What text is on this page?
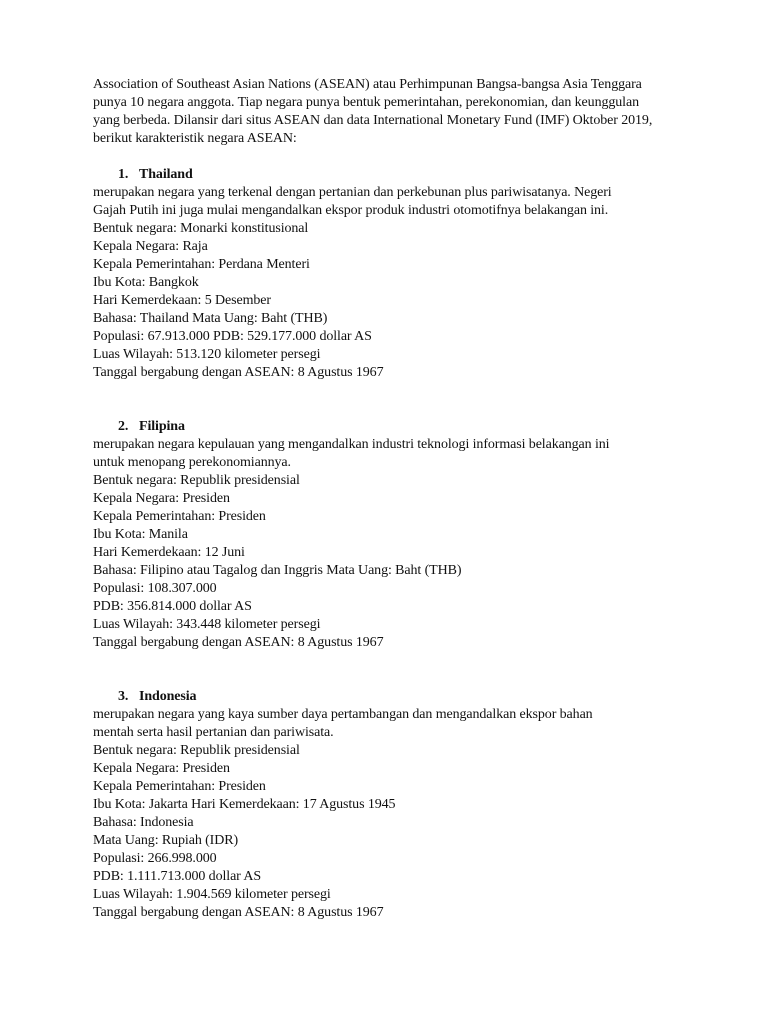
Association of Southeast Asian Nations (ASEAN) atau Perhimpunan Bangsa-bangsa Asia Tenggara
punya 10 negara anggota. Tiap negara punya bentuk pemerintahan, perekonomian, dan keunggulan
yang berbeda. Dilansir dari situs ASEAN dan data International Monetary Fund (IMF) Oktober 2019,
berikut karakteristik negara ASEAN:
1. Thailand
merupakan negara yang terkenal dengan pertanian dan perkebunan plus pariwisatanya. Negeri
Gajah Putih ini juga mulai mengandalkan ekspor produk industri otomotifnya belakangan ini.
Bentuk negara: Monarki konstitusional
Kepala Negara: Raja
Kepala Pemerintahan: Perdana Menteri
Ibu Kota: Bangkok
Hari Kemerdekaan: 5 Desember
Bahasa: Thailand Mata Uang: Baht (THB)
Populasi: 67.913.000 PDB: 529.177.000 dollar AS
Luas Wilayah: 513.120 kilometer persegi
Tanggal bergabung dengan ASEAN: 8 Agustus 1967
2. Filipina
merupakan negara kepulauan yang mengandalkan industri teknologi informasi belakangan ini
untuk menopang perekonomiannya.
Bentuk negara: Republik presidensial
Kepala Negara: Presiden
Kepala Pemerintahan: Presiden
Ibu Kota: Manila
Hari Kemerdekaan: 12 Juni
Bahasa: Filipino atau Tagalog dan Inggris Mata Uang: Baht (THB)
Populasi: 108.307.000
PDB: 356.814.000 dollar AS
Luas Wilayah: 343.448 kilometer persegi
Tanggal bergabung dengan ASEAN: 8 Agustus 1967
3. Indonesia
merupakan negara yang kaya sumber daya pertambangan dan mengandalkan ekspor bahan
mentah serta hasil pertanian dan pariwisata.
Bentuk negara: Republik presidensial
Kepala Negara: Presiden
Kepala Pemerintahan: Presiden
Ibu Kota: Jakarta Hari Kemerdekaan: 17 Agustus 1945
Bahasa: Indonesia
Mata Uang: Rupiah (IDR)
Populasi: 266.998.000
PDB: 1.111.713.000 dollar AS
Luas Wilayah: 1.904.569 kilometer persegi
Tanggal bergabung dengan ASEAN: 8 Agustus 1967
